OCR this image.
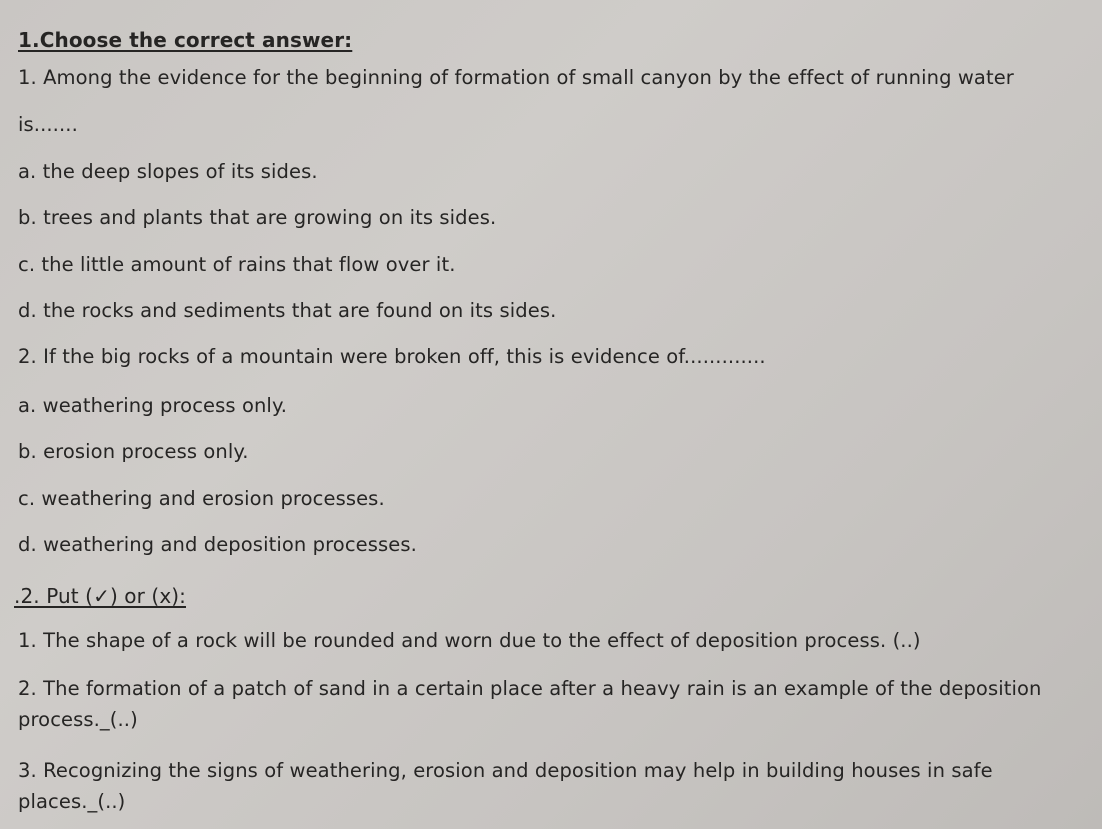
1.Choose the correct answer:
1. Among the evidence for the beginning of formation of small canyon by the effect of running water
is.......
a. the deep slopes of its sides.
b. trees and plants that are growing on its sides.
c. the little amount of rains that flow over it.
d. the rocks and sediments that are found on its sides.
2. If the big rocks of a mountain were broken off, this is evidence of.............
a. weathering process only.
b. erosion process only.
c. weathering and erosion processes.
d. weathering and deposition processes.
.2. Put (✓) or (x):
1. The shape of a rock will be rounded and worn due to the effect of deposition process. (..)
2. The formation of a patch of sand in a certain place after a heavy rain is an example of the deposition
process._(..)
3. Recognizing the signs of weathering, erosion and deposition may help in building houses in safe
places._(..)
